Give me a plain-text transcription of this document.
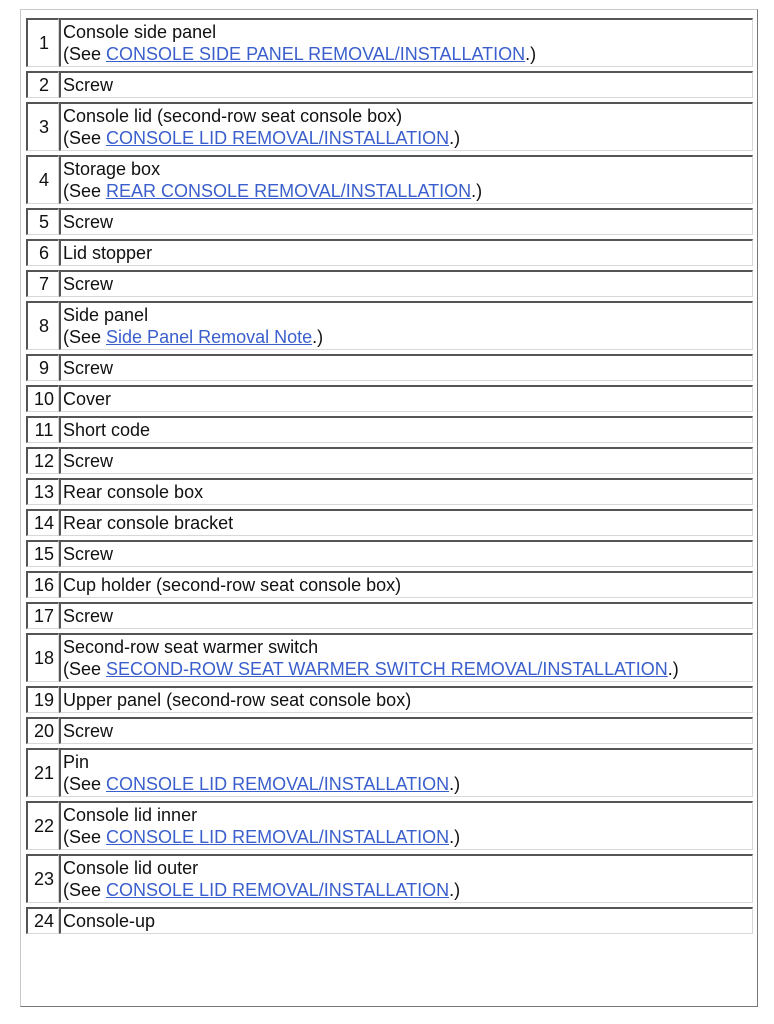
1	Console side panel
(See CONSOLE SIDE PANEL REMOVAL/INSTALLATION.)

2	Screw

3	Console lid (second-row seat console box)
(See CONSOLE LID REMOVAL/INSTALLATION.)

4	Storage box
(See REAR CONSOLE REMOVAL/INSTALLATION.)

5	Screw

6	Lid stopper

7	Screw

8	Side panel
(See Side Panel Removal Note.)

9	Screw

10	Cover

11	Short code

12	Screw

13	Rear console box

14	Rear console bracket

15	Screw

16	Cup holder (second-row seat console box)

17	Screw

18	Second-row seat warmer switch
(See SECOND-ROW SEAT WARMER SWITCH REMOVAL/INSTALLATION.)

19	Upper panel (second-row seat console box)

20	Screw

21	Pin
(See CONSOLE LID REMOVAL/INSTALLATION.)

22	Console lid inner
(See CONSOLE LID REMOVAL/INSTALLATION.)

23	Console lid outer
(See CONSOLE LID REMOVAL/INSTALLATION.)

24	Console-up
